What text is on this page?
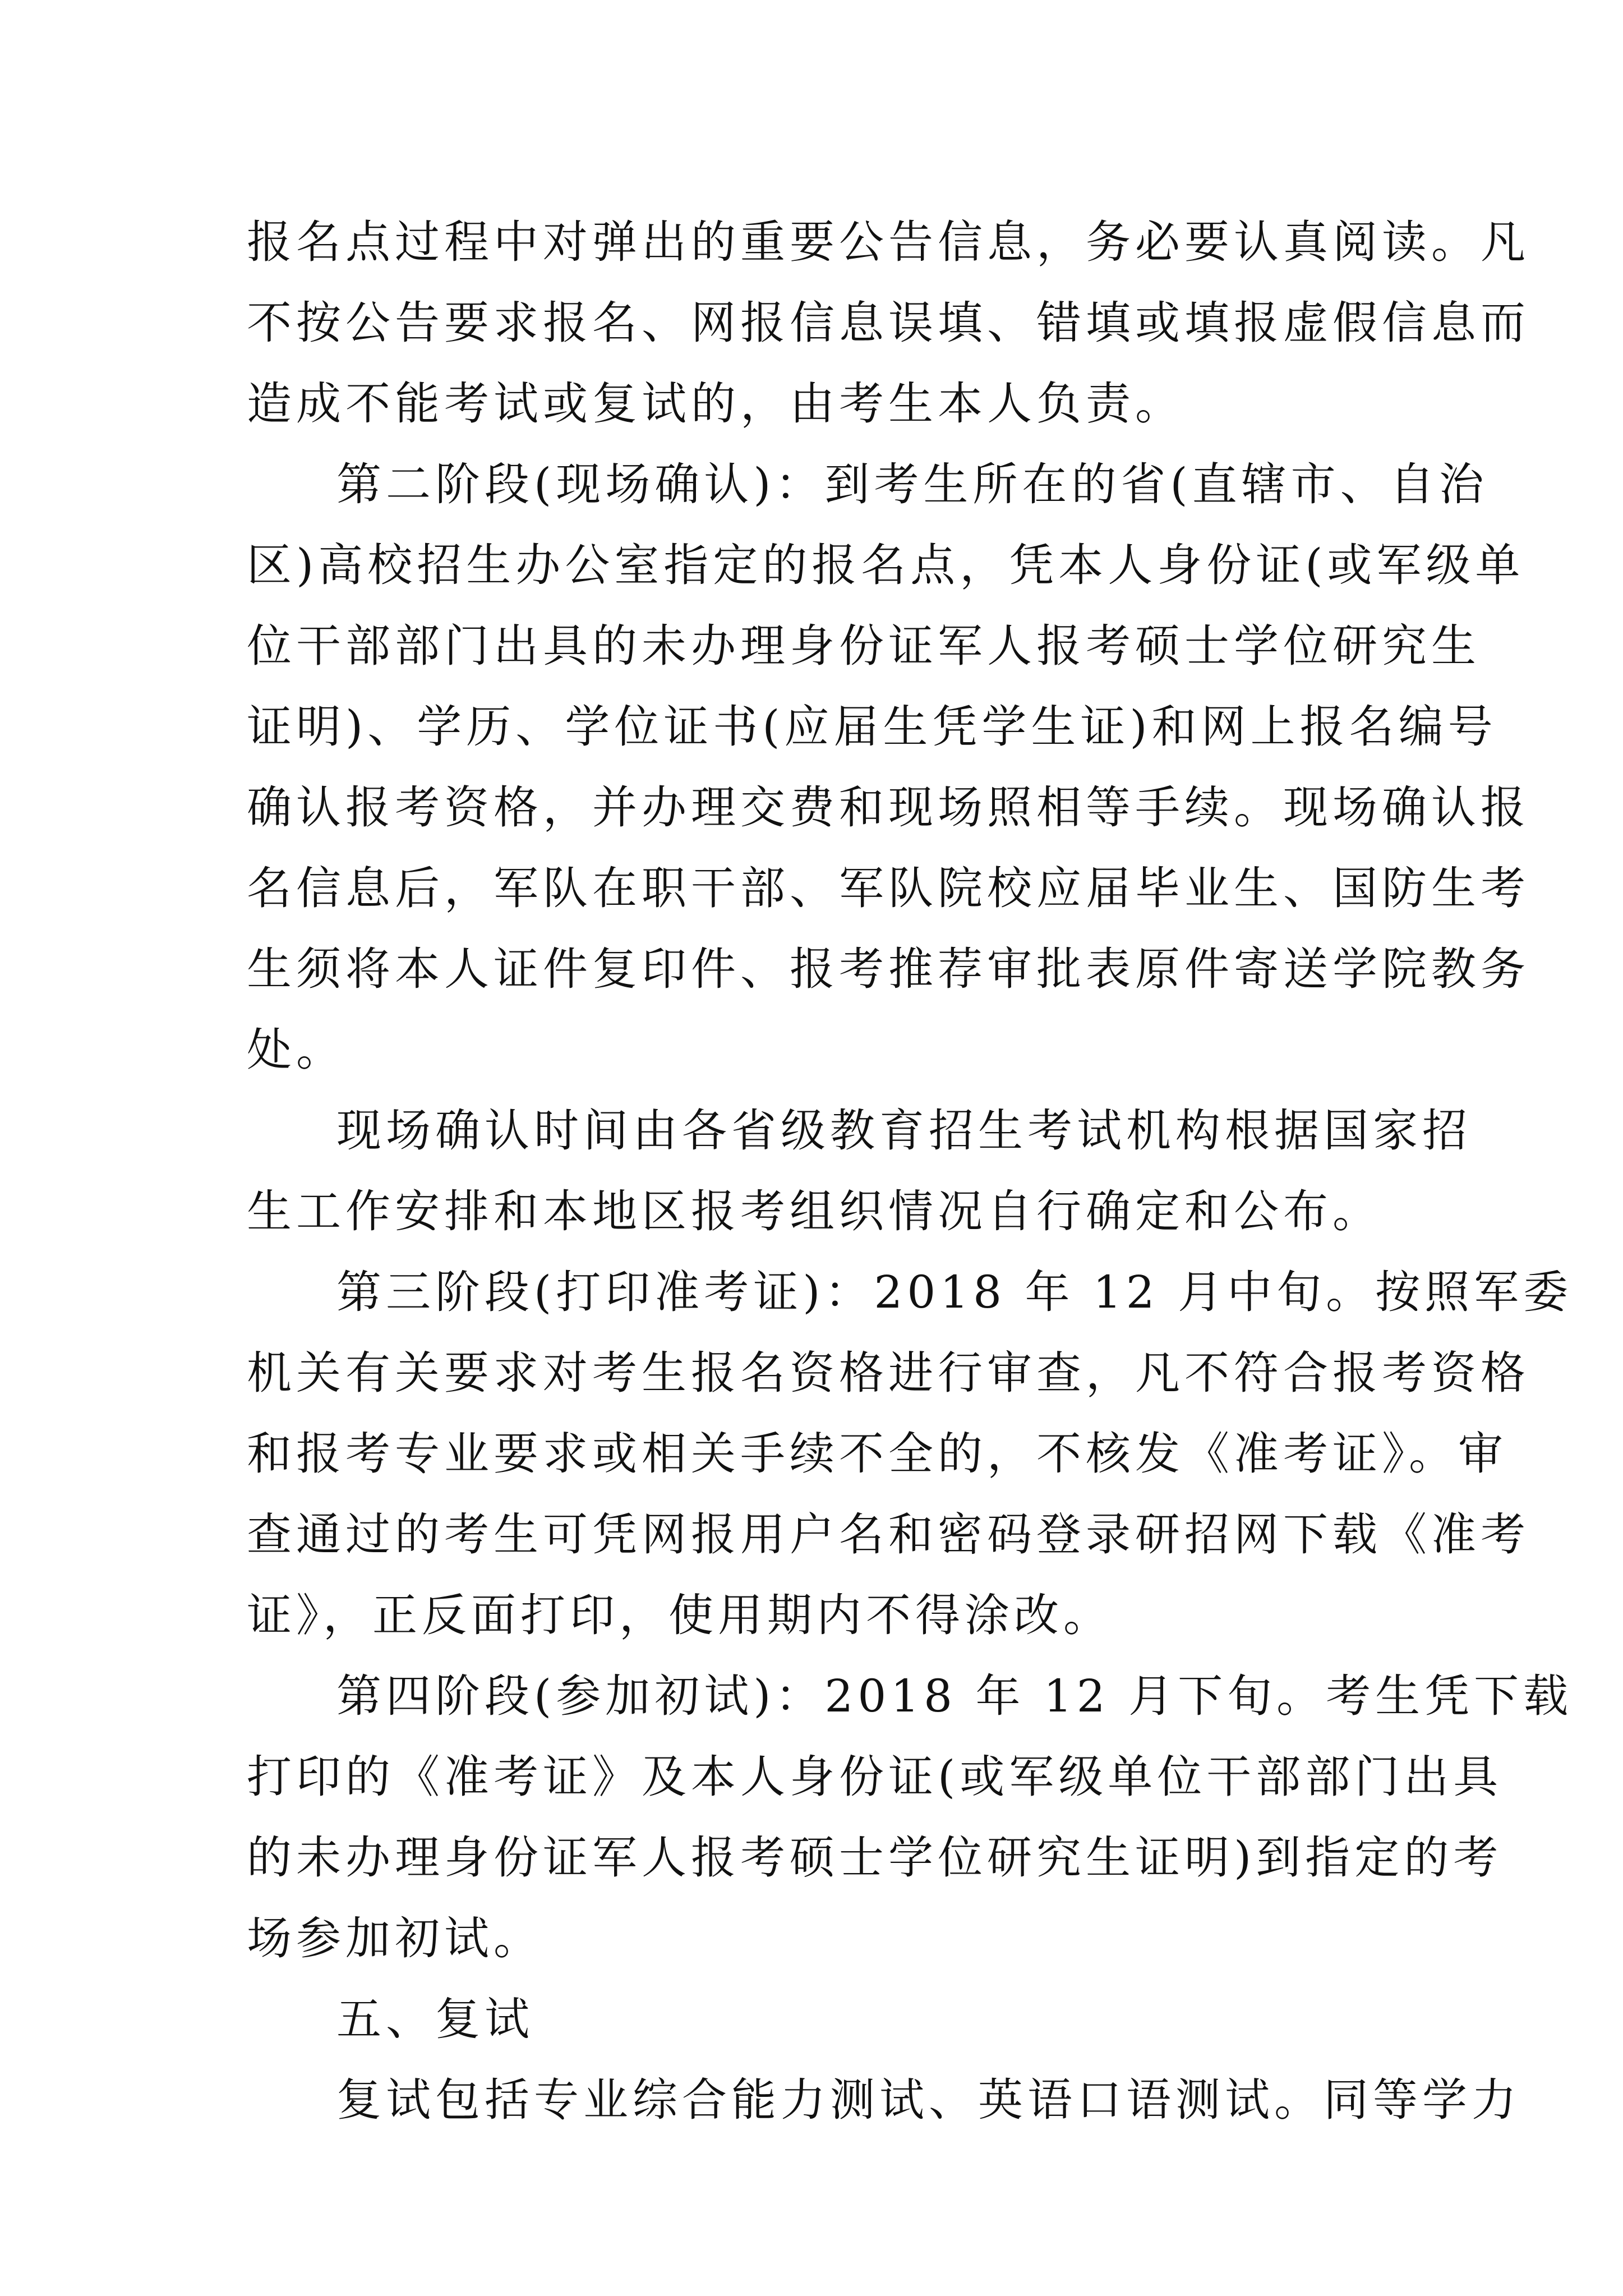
报名点过程中对弹出的重要公告信息，务必要认真阅读。凡
不按公告要求报名、网报信息误填、错填或填报虚假信息而
造成不能考试或复试的，由考生本人负责。

第二阶段(现场确认)：到考生所在的省(直辖市、自治
区)高校招生办公室指定的报名点，凭本人身份证(或军级单
位干部部门出具的未办理身份证军人报考硕士学位研究生
证明)、学历、学位证书(应届生凭学生证)和网上报名编号
确认报考资格，并办理交费和现场照相等手续。现场确认报
名信息后，军队在职干部、军队院校应届毕业生、国防生考
生须将本人证件复印件、报考推荐审批表原件寄送学院教务
处。

现场确认时间由各省级教育招生考试机构根据国家招
生工作安排和本地区报考组织情况自行确定和公布。

第三阶段(打印准考证)：2018 年 12 月中旬。按照军委
机关有关要求对考生报名资格进行审查，凡不符合报考资格
和报考专业要求或相关手续不全的，不核发《准考证》。审
查通过的考生可凭网报用户名和密码登录研招网下载《准考
证》，正反面打印，使用期内不得涂改。

第四阶段(参加初试)：2018 年 12 月下旬。考生凭下载
打印的《准考证》及本人身份证(或军级单位干部部门出具
的未办理身份证军人报考硕士学位研究生证明)到指定的考
场参加初试。

五、复试

复试包括专业综合能力测试、英语口语测试。同等学力
